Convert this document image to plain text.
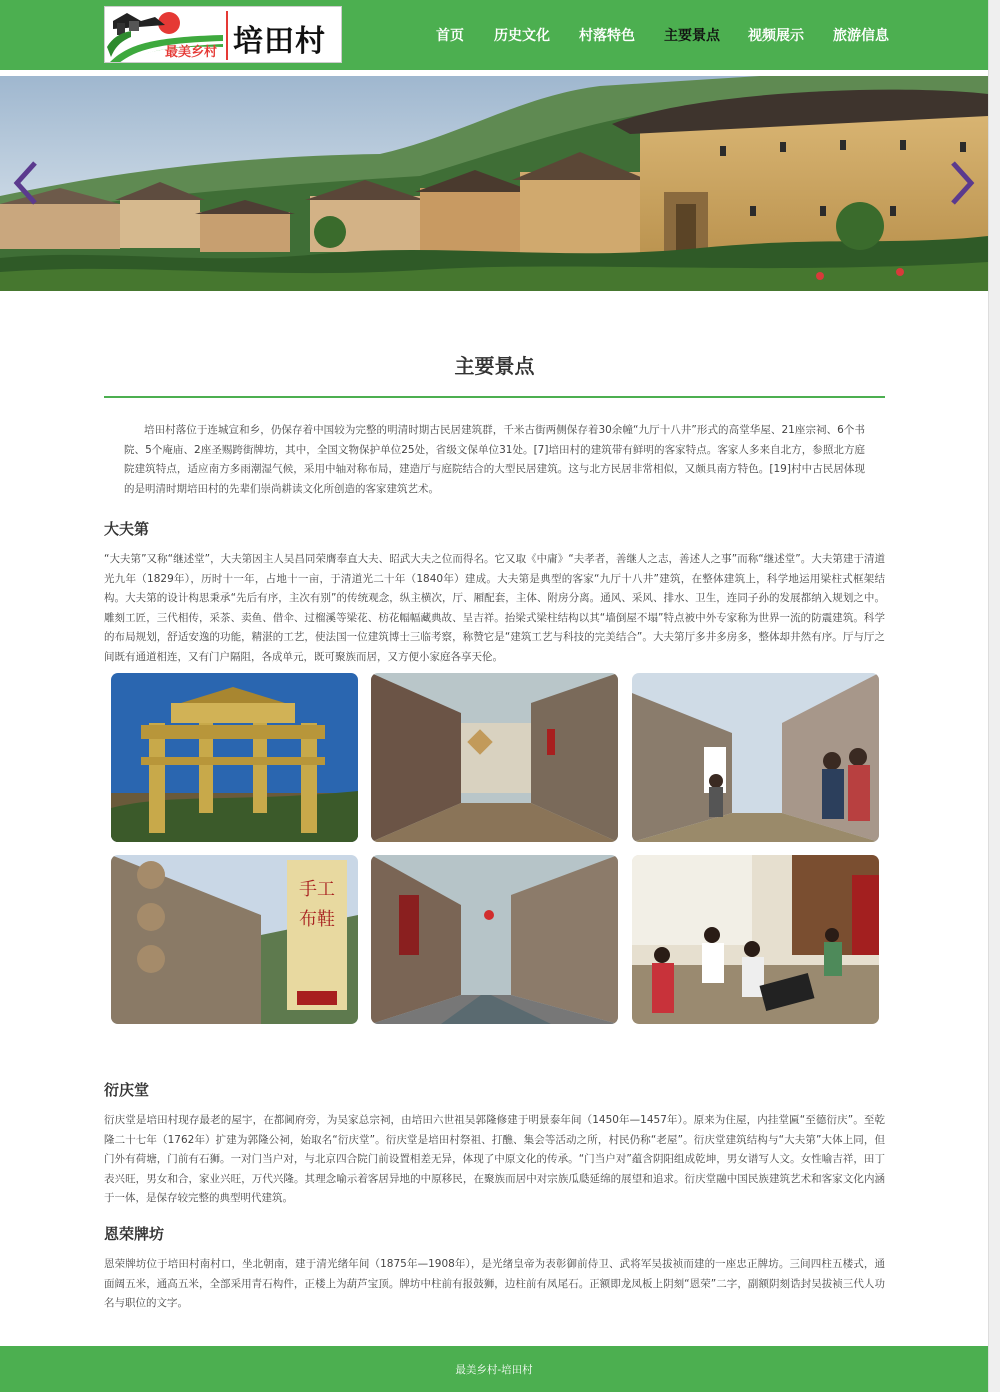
最美乡村 培田村	首页 历史文化 村落特色 主要景点 视频展示 旅游信息
主要景点

培田村落位于连城宣和乡，仍保存着中国较为完整的明清时期古民居建筑群，千米古街两侧保存着30余幢“九厅十八井”形式的高堂华屋、21座宗祠、6个书院、5个庵庙、2座圣赐跨街牌坊，其中，全国文物保护单位25处，省级文保单位31处。[7]培田村的建筑带有鲜明的客家特点。客家人多来自北方，参照北方庭院建筑特点，适应南方多雨潮湿气候，采用中轴对称布局，建造厅与庭院结合的大型民居建筑。这与北方民居非常相似，又颇具南方特色。[19]村中古民居体现的是明清时期培田村的先辈们崇尚耕读文化所创造的客家建筑艺术。

大夫第

“大夫第”又称“继述堂”，大夫第因主人吴昌同荣膺奉直大夫、昭武大夫之位而得名。它又取《中庸》“夫孝者，善继人之志，善述人之事”而称“继述堂”。大夫第建于清道光九年（1829年），历时十一年，占地十一亩，于清道光二十年（1840年）建成。大夫第是典型的客家“九厅十八井”建筑，在整体建筑上，科学地运用梁柱式框架结构。大夫第的设计构思秉承“先后有序，主次有别”的传统观念，纵主横次，厅、厢配套，主体、附房分离。通风、采风、排水、卫生，连同子孙的发展都纳入规划之中。雕刻工匠，三代相传，采茶、卖鱼、借伞、过榴溪等梁花、枋花幅幅藏典故、呈吉祥。抬梁式梁柱结构以其“墙倒屋不塌”特点被中外专家称为世界一流的防震建筑。科学的布局规划，舒适安逸的功能，精湛的工艺，使法国一位建筑博士三临考察，称赞它是“建筑工艺与科技的完美结合”。大夫第厅多井多房多，整体却井然有序。厅与厅之间既有通道相连，又有门户隔阻，各成单元，既可聚族而居，又方便小家庭各享天伦。

手工
布鞋
衍庆堂

衍庆堂是培田村现存最老的屋宇，在都阃府旁，为吴家总宗祠，由培田六世祖吴郭隆修建于明景泰年间（1450年—1457年）。原来为住屋，内挂堂匾“至德衍庆”。至乾隆二十七年（1762年）扩建为郭隆公祠，始取名“衍庆堂”。衍庆堂是培田村祭祖、打醮、集会等活动之所，村民仍称“老屋”。衍庆堂建筑结构与“大夫第”大体上同，但门外有荷塘，门前有石狮。一对门当户对，与北京四合院门前设置相差无异，体现了中原文化的传承。“门当户对”蕴含阴阳组成乾坤，男女谱写人文。女性喻吉祥，田丁表兴旺，男女和合，家业兴旺，万代兴隆。其理念喻示着客居异地的中原移民，在聚族而居中对宗族瓜瓞延绵的展望和追求。衍庆堂融中国民族建筑艺术和客家文化内涵于一体，是保存较完整的典型明代建筑。

恩荣牌坊

恩荣牌坊位于培田村南村口，坐北朝南，建于清光绪年间（1875年—1908年），是光绪皇帝为表彰御前侍卫、武将军吴拔祯而建的一座忠正牌坊。三间四柱五楼式，通面阔五米，通高五米，全部采用青石构件，正楼上为葫芦宝顶。牌坊中柱前有报鼓狮，边柱前有凤尾石。正额即龙凤板上阴刻“恩荣”二字，副额阴刻诰封吴拔祯三代人功名与职位的文字。

最美乡村-培田村
